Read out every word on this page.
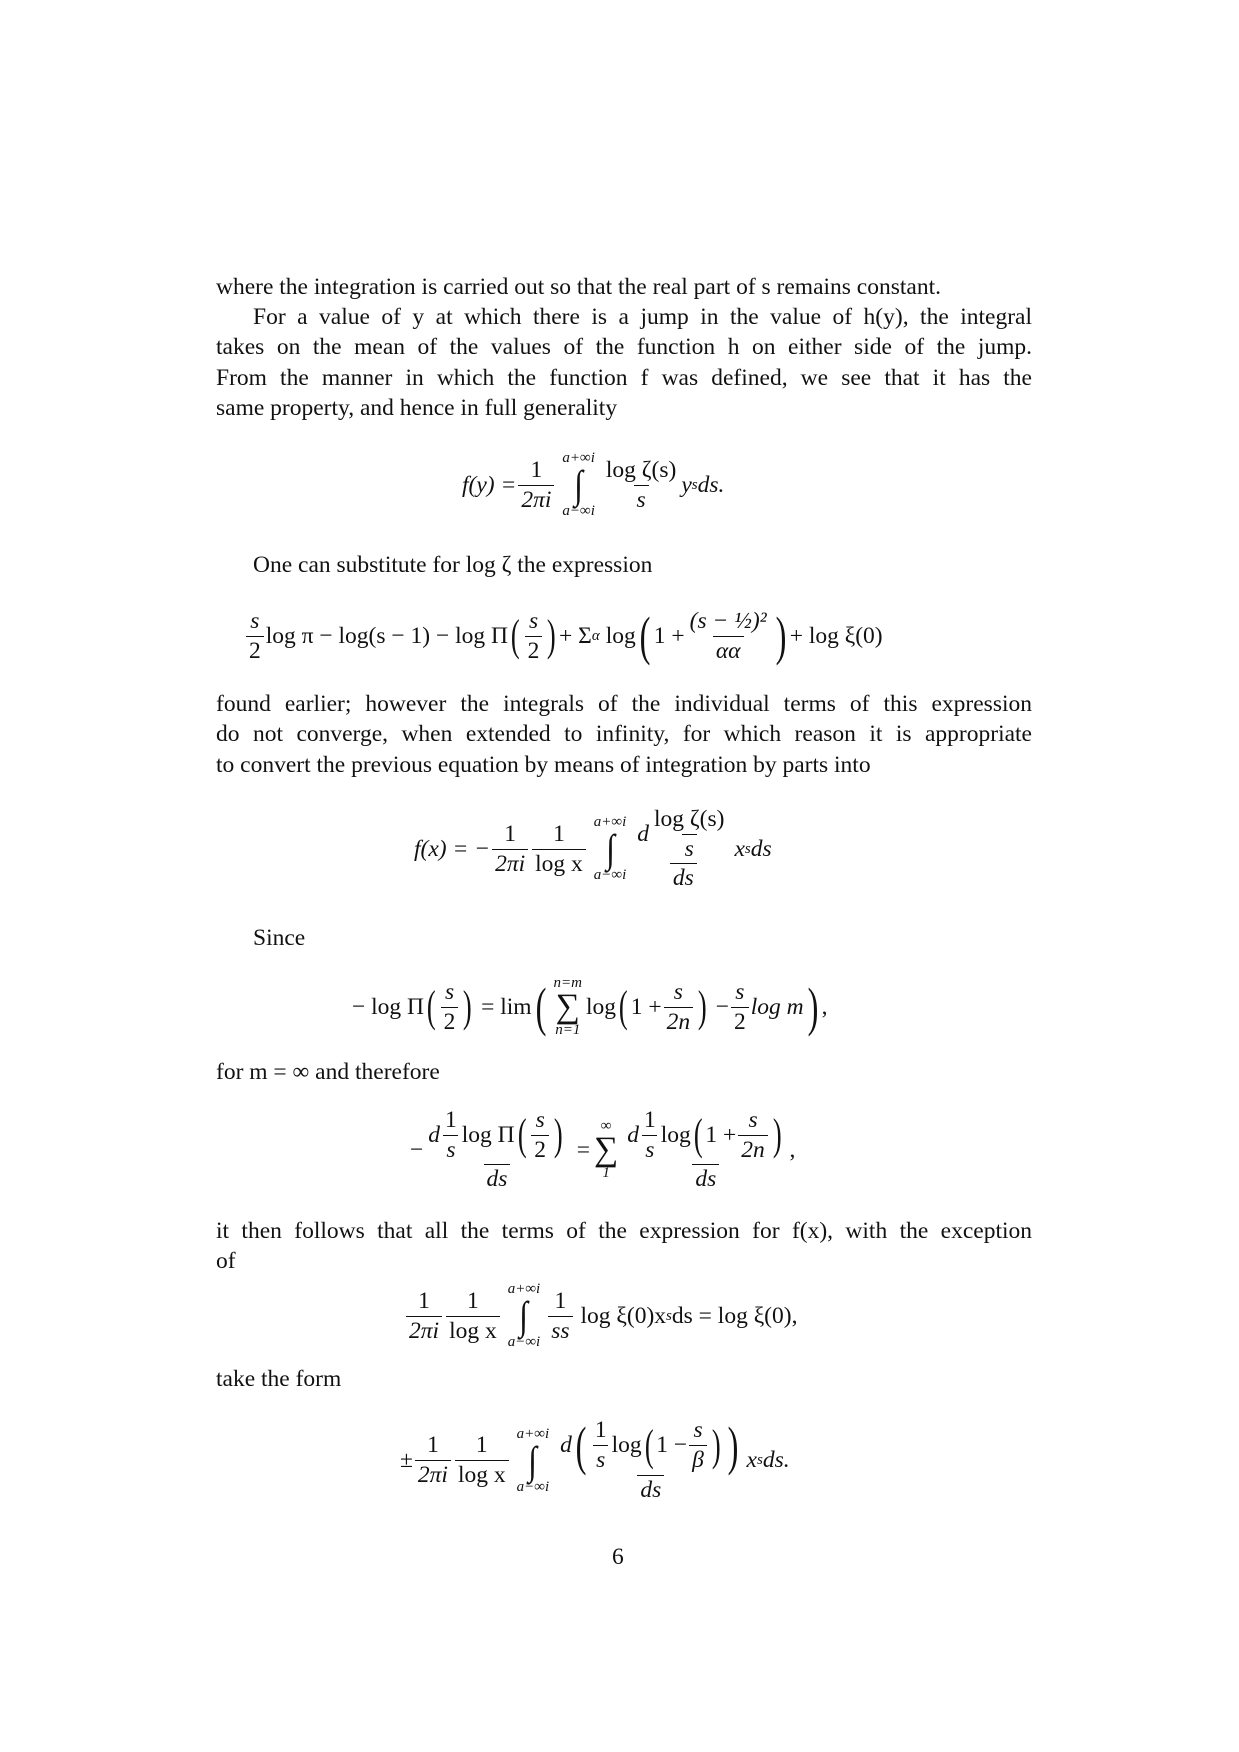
where the integration is carried out so that the real part of s remains constant.
For a value of y at which there is a jump in the value of h(y), the integral
takes on the mean of the values of the function h on either side of the jump.
From the manner in which the function f was defined, we see that it has the
same property, and hence in full generality
$f(y) = \frac{1}{2\pi i} a+\infty i$
∫
$a-\infty i \frac{\text{log ζ(s)}}{s}$ y s ds.
One can substitute for log ζ the expression
$\frac{s}{2}$ log π − log(s − 1) − log Π ( $\frac{s}{2}$ ) + Σ α log ( $1 + \frac{\text{(s − ½)²}}{\alpha\alpha}$ ) + log ξ(0)
found earlier; however the integrals of the individual terms of this expression
do not converge, when extended to infinity, for which reason it is appropriate
to convert the previous equation by means of integration by parts into
f(x) = − $\frac{1}{2\pi i} \frac{1}{\text{log x}} a+\infty i$
∫
$a-\infty i \frac{d \frac{\text{log ζ(s)}}{s}}{ds}$ x s ds
Since
− log Π ( $\frac{s}{2}$ ) = lim ( n=m
∑
n=1
log ( $1 + \frac{s}{2n}$ ) − $\frac{s}{2}$ log m ) ,
for m = ∞ and therefore
−
d $\frac{1}{s}$ log Π ( $\frac{s}{2}$ )
ds
=
∞
∑
1
d $\frac{1}{s}$ log ( $1 + \frac{s}{2n}$ )
ds
,
it then follows that all the terms of the expression for f(x), with the exception
of
$\frac{1}{2\pi i} \frac{1}{\text{log x}} a+\infty i$
∫
$a-\infty i \frac{1}{ss}$ log ξ(0)x s ds = log ξ(0),
take the form
± $\frac{1}{2\pi i} \frac{1}{\text{log x}} a+\infty i$
∫
a−∞i
d ( $\frac{1}{s}$ log ( $1 - \frac{s}{\beta}$ ) )
ds
x s ds.
6
